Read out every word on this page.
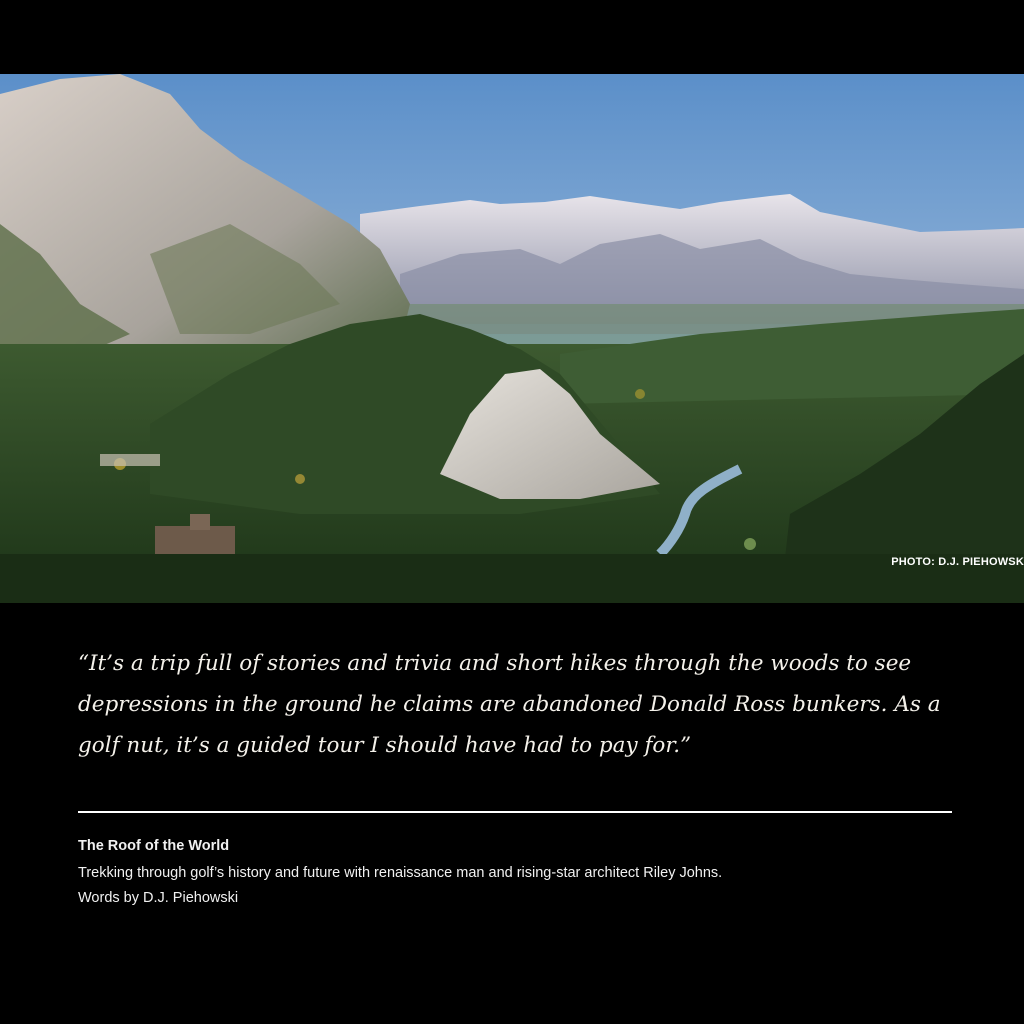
PHOTO: D.J. PIEHOWSK

“It’s a trip full of stories and trivia and short hikes through the woods to see depressions in the ground he claims are abandoned Donald Ross bunkers. As a golf nut, it’s a guided tour I should have had to pay for.”

The Roof of the World

Trekking through golf’s history and future with renaissance man and rising-star architect Riley Johns.

Words by D.J. Piehowski
